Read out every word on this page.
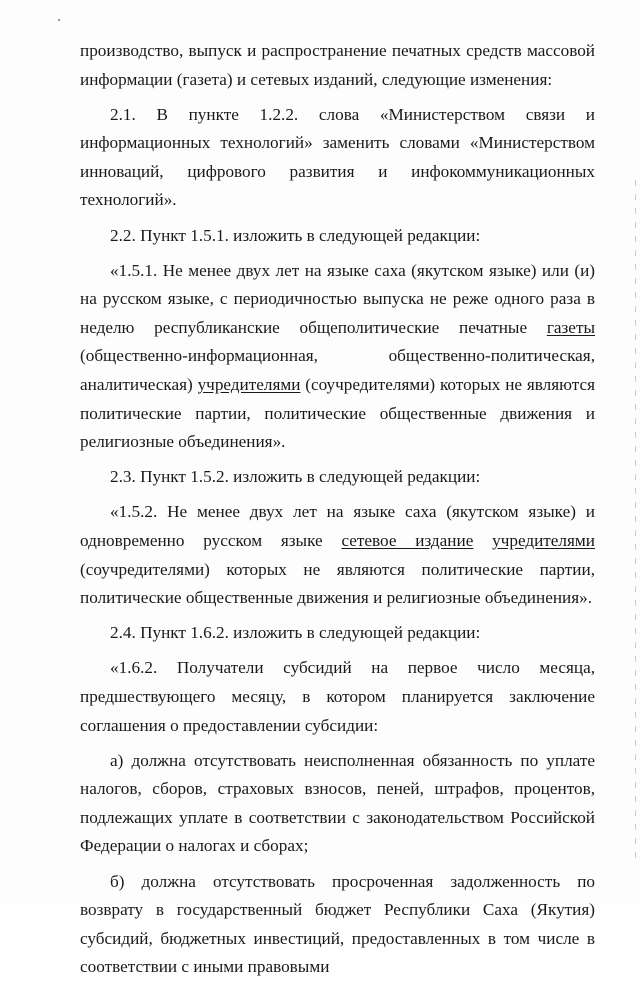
производство, выпуск и распространение печатных средств массовой информации (газета) и сетевых изданий, следующие изменения:

2.1. В пункте 1.2.2. слова «Министерством связи и информационных технологий» заменить словами «Министерством инноваций, цифрового развития и инфокоммуникационных технологий».

2.2. Пункт 1.5.1. изложить в следующей редакции:

«1.5.1. Не менее двух лет на языке саха (якутском языке) или (и) на русском языке, с периодичностью выпуска не реже одного раза в неделю республиканские общеполитические печатные газеты (общественно-информационная, общественно-политическая, аналитическая) учредителями (соучредителями) которых не являются политические партии, политические общественные движения и религиозные объединения».

2.3. Пункт 1.5.2. изложить в следующей редакции:

«1.5.2. Не менее двух лет на языке саха (якутском языке) и одновременно русском языке сетевое издание учредителями (соучредителями) которых не являются политические партии, политические общественные движения и религиозные объединения».

2.4. Пункт 1.6.2. изложить в следующей редакции:

«1.6.2. Получатели субсидий на первое число месяца, предшествующего месяцу, в котором планируется заключение соглашения о предоставлении субсидии:

а) должна отсутствовать неисполненная обязанность по уплате налогов, сборов, страховых взносов, пеней, штрафов, процентов, подлежащих уплате в соответствии с законодательством Российской Федерации о налогах и сборах;

б) должна отсутствовать просроченная задолженность по возврату в государственный бюджет Республики Саха (Якутия) субсидий, бюджетных инвестиций, предоставленных в том числе в соответствии с иными правовыми
